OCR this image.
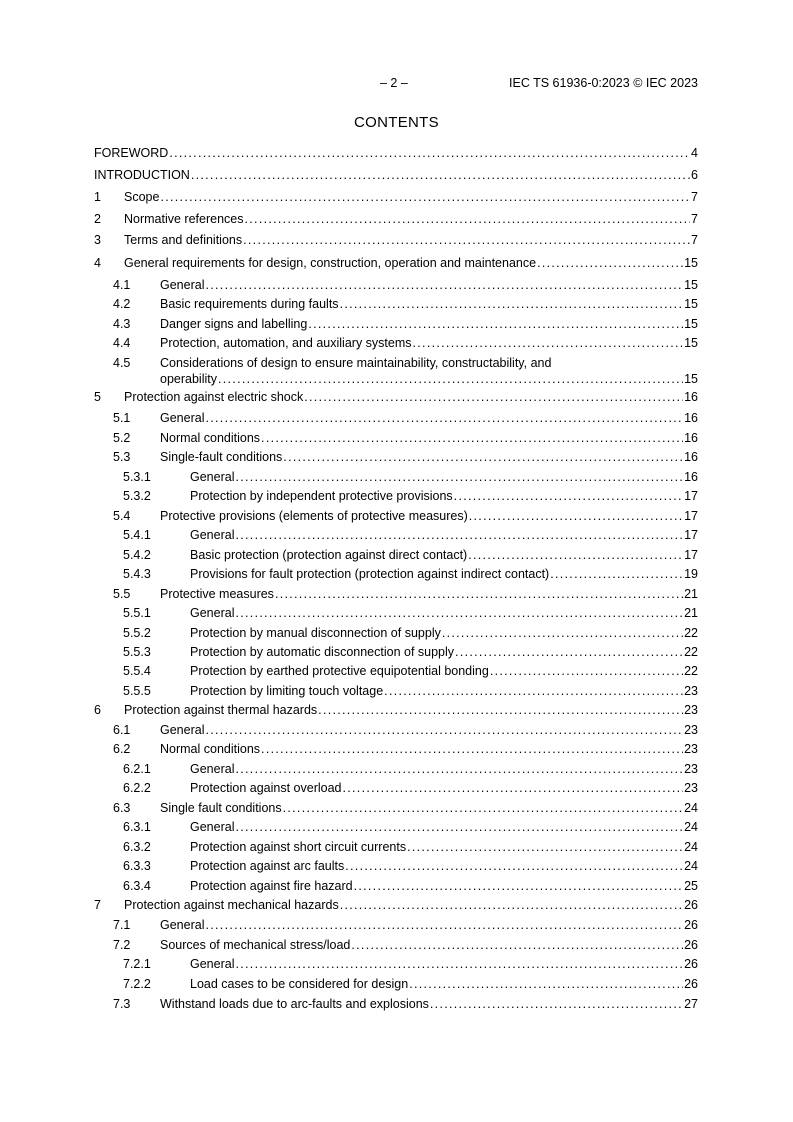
– 2 –	IEC TS 61936-0:2023 © IEC 2023
CONTENTS
FOREWORD .....	4
INTRODUCTION .....	6
1 Scope .....	7
2 Normative references .....	7
3 Terms and definitions .....	7
4 General requirements for design, construction, operation and maintenance .....	15
4.1 General .....	15
4.2 Basic requirements during faults .....	15
4.3 Danger signs and labelling .....	15
4.4 Protection, automation, and auxiliary systems .....	15
4.5 Considerations of design to ensure maintainability, constructability, and
operability .....	15
5 Protection against electric shock .....	16
5.1 General .....	16
5.2 Normal conditions .....	16
5.3 Single-fault conditions .....	16
5.3.1	General .....	16
5.3.2	Protection by independent protective provisions .....	17
5.4 Protective provisions (elements of protective measures) .....	17
5.4.1	General .....	17
5.4.2	Basic protection (protection against direct contact) .....	17
5.4.3	Provisions for fault protection (protection against indirect contact) .....	19
5.5 Protective measures .....	21
5.5.1	General .....	21
5.5.2	Protection by manual disconnection of supply .....	22
5.5.3	Protection by automatic disconnection of supply .....	22
5.5.4	Protection by earthed protective equipotential bonding .....	22
5.5.5	Protection by limiting touch voltage .....	23
6 Protection against thermal hazards .....	23
6.1 General .....	23
6.2 Normal conditions .....	23
6.2.1	General .....	23
6.2.2	Protection against overload .....	23
6.3 Single fault conditions .....	24
6.3.1	General .....	24
6.3.2	Protection against short circuit currents .....	24
6.3.3	Protection against arc faults .....	24
6.3.4	Protection against fire hazard .....	25
7 Protection against mechanical hazards .....	26
7.1 General .....	26
7.2 Sources of mechanical stress/load .....	26
7.2.1	General .....	26
7.2.2	Load cases to be considered for design .....	26
7.3 Withstand loads due to arc-faults and explosions .....	27
